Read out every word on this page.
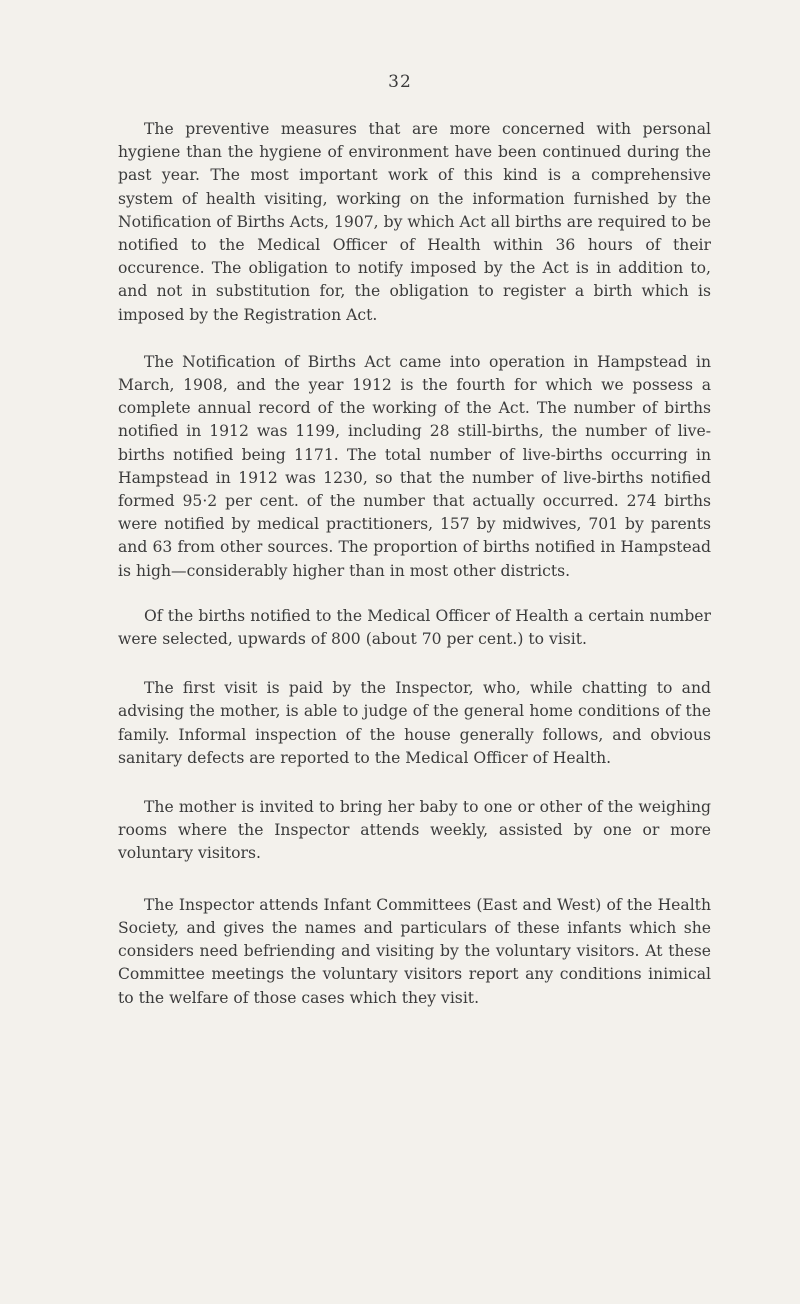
32

The preventive measures that are more concerned with personal hygiene than the hygiene of environment have been continued during the past year. The most important work of this kind is a comprehensive system of health visiting, working on the information furnished by the Notification of Births Acts, 1907, by which Act all births are required to be notified to the Medical Officer of Health within 36 hours of their occurence. The obligation to notify imposed by the Act is in addition to, and not in substitution for, the obligation to register a birth which is imposed by the Registration Act.

The Notification of Births Act came into operation in Hampstead in March, 1908, and the year 1912 is the fourth for which we possess a complete annual record of the working of the Act. The number of births notified in 1912 was 1199, including 28 still-births, the number of live-births notified being 1171. The total number of live-births occurring in Hampstead in 1912 was 1230, so that the number of live-births notified formed 95·2 per cent. of the number that actually occurred. 274 births were notified by medical practitioners, 157 by midwives, 701 by parents and 63 from other sources. The proportion of births notified in Hampstead is high—considerably higher than in most other districts.

Of the births notified to the Medical Officer of Health a certain number were selected, upwards of 800 (about 70 per cent.) to visit.

The first visit is paid by the Inspector, who, while chatting to and advising the mother, is able to judge of the general home conditions of the family. Informal inspection of the house generally follows, and obvious sanitary defects are reported to the Medical Officer of Health.

The mother is invited to bring her baby to one or other of the weighing rooms where the Inspector attends weekly, assisted by one or more voluntary visitors.

The Inspector attends Infant Committees (East and West) of the Health Society, and gives the names and particulars of these infants which she considers need befriending and visiting by the voluntary visitors. At these Committee meetings the voluntary visitors report any conditions inimical to the welfare of those cases which they visit.
